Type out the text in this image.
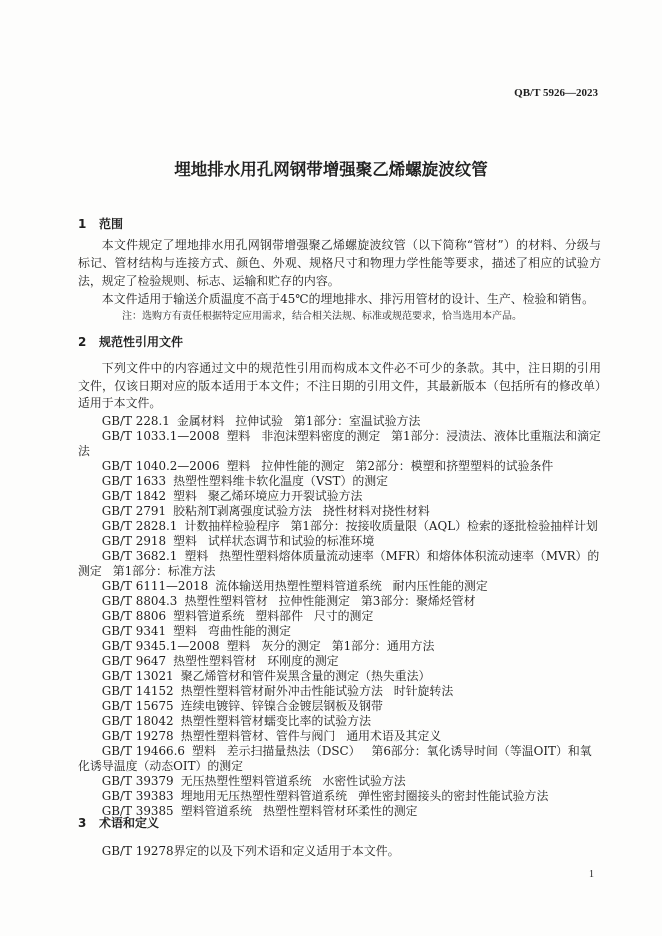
QB/T 5926—2023
埋地排水用孔网钢带增强聚乙烯螺旋波纹管
1 范围

本文件规定了埋地排水用孔网钢带增强聚乙烯螺旋波纹管（以下简称“管材”）的材料、分级与标记、管材结构与连接方式、颜色、外观、规格尺寸和物理力学性能等要求，描述了相应的试验方法，规定了检验规则、标志、运输和贮存的内容。

本文件适用于输送介质温度不高于45℃的埋地排水、排污用管材的设计、生产、检验和销售。

注：选购方有责任根据特定应用需求，结合相关法规、标准或规范要求，恰当选用本产品。

2 规范性引用文件

下列文件中的内容通过文中的规范性引用而构成本文件必不可少的条款。其中，注日期的引用文件，仅该日期对应的版本适用于本文件；不注日期的引用文件，其最新版本（包括所有的修改单）适用于本文件。

GB/T 228.1 金属材料 拉伸试验 第1部分：室温试验方法
GB/T 1033.1—2008 塑料 非泡沫塑料密度的测定 第1部分：浸渍法、液体比重瓶法和滴定法
GB/T 1040.2—2006 塑料 拉伸性能的测定 第2部分：模塑和挤塑塑料的试验条件
GB/T 1633 热塑性塑料维卡软化温度（VST）的测定
GB/T 1842 塑料 聚乙烯环境应力开裂试验方法
GB/T 2791 胶粘剂T剥离强度试验方法 挠性材料对挠性材料
GB/T 2828.1 计数抽样检验程序 第1部分：按接收质量限（AQL）检索的逐批检验抽样计划
GB/T 2918 塑料 试样状态调节和试验的标准环境
GB/T 3682.1 塑料 热塑性塑料熔体质量流动速率（MFR）和熔体体积流动速率（MVR）的测定 第1部分：标准方法
GB/T 6111—2018 流体输送用热塑性塑料管道系统 耐内压性能的测定
GB/T 8804.3 热塑性塑料管材 拉伸性能测定 第3部分：聚烯烃管材
GB/T 8806 塑料管道系统 塑料部件 尺寸的测定
GB/T 9341 塑料 弯曲性能的测定
GB/T 9345.1—2008 塑料 灰分的测定 第1部分：通用方法
GB/T 9647 热塑性塑料管材 环刚度的测定
GB/T 13021 聚乙烯管材和管件炭黑含量的测定（热失重法）
GB/T 14152 热塑性塑料管材耐外冲击性能试验方法 时针旋转法
GB/T 15675 连续电镀锌、锌镍合金镀层钢板及钢带
GB/T 18042 热塑性塑料管材蠕变比率的试验方法
GB/T 19278 热塑性塑料管材、管件与阀门 通用术语及其定义
GB/T 19466.6 塑料 差示扫描量热法（DSC） 第6部分：氧化诱导时间（等温OIT）和氧化诱导温度（动态OIT）的测定
GB/T 39379 无压热塑性塑料管道系统 水密性试验方法
GB/T 39383 埋地用无压热塑性塑料管道系统 弹性密封圈接头的密封性能试验方法
GB/T 39385 塑料管道系统 热塑性塑料管材环柔性的测定
3 术语和定义

GB/T 19278界定的以及下列术语和定义适用于本文件。

1
